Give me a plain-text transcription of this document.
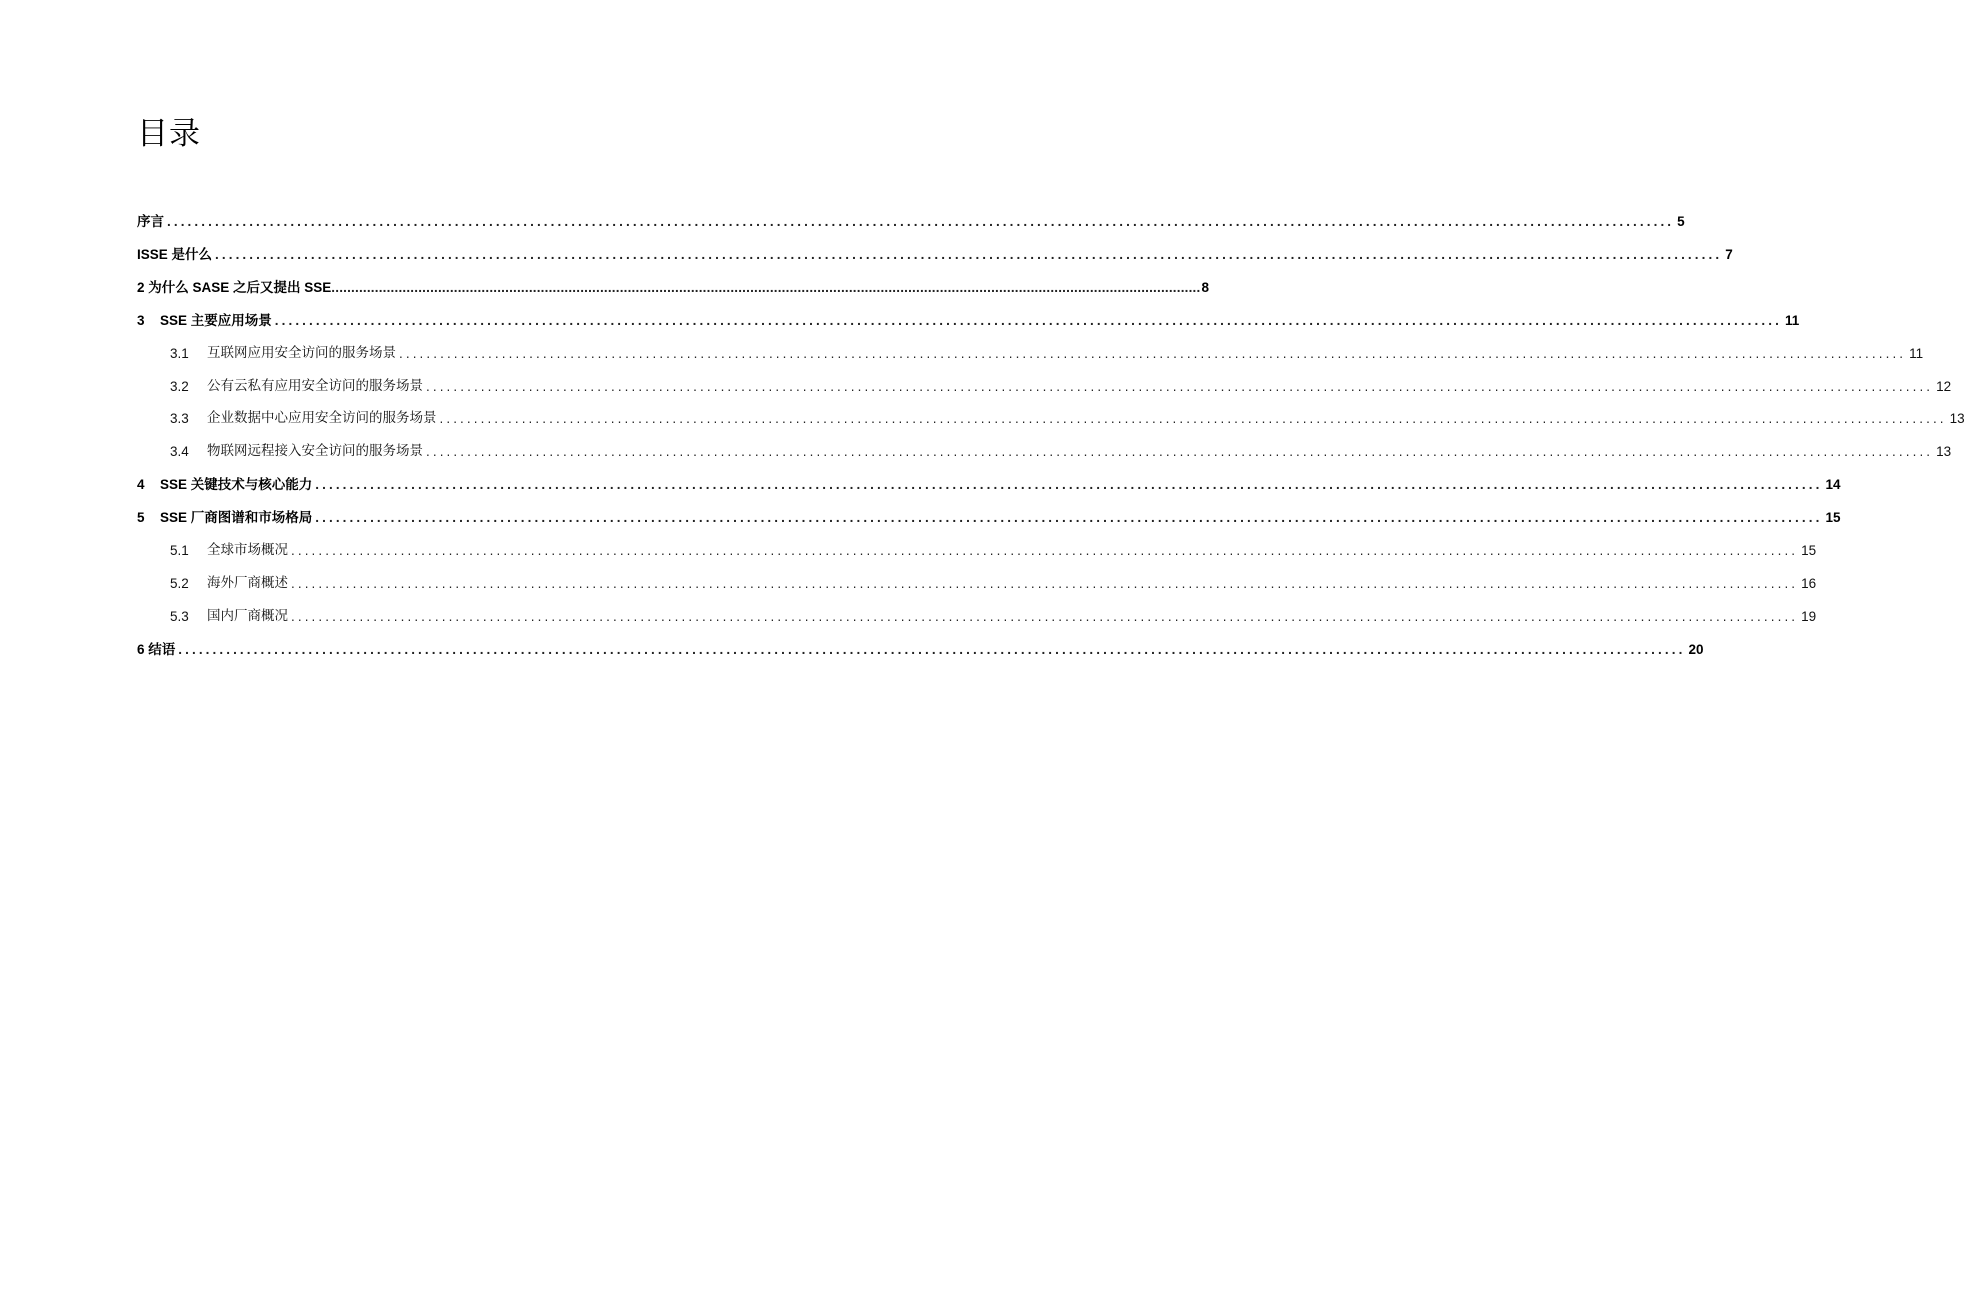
目录
序言 ............................................................................................................................................................................................................................ 5
ISSE 是什么 ............................................................................................................................................................................................................................ 7
2 为什么 SASE 之后又提出 SSE ............................................................................................................................................................................................................................ 8
3	SSE 主要应用场景 ............................................................................................................................................................................................................................ 11
3.1	互联网应用安全访问的服务场景 ............................................................................................................................................................................................................................ 11
3.2	公有云私有应用安全访问的服务场景 ............................................................................................................................................................................................................................ 12
3.3	企业数据中心应用安全访问的服务场景 ............................................................................................................................................................................................................................ 13
3.4	物联网远程接入安全访问的服务场景 ............................................................................................................................................................................................................................ 13
4	SSE 关键技术与核心能力 ............................................................................................................................................................................................................................ 14
5	SSE 厂商图谱和市场格局 ............................................................................................................................................................................................................................ 15
5.1	全球市场概况 ............................................................................................................................................................................................................................ 15
5.2	海外厂商概述 ............................................................................................................................................................................................................................ 16
5.3	国内厂商概况 ............................................................................................................................................................................................................................ 19
6 结语 ............................................................................................................................................................................................................................ 20
